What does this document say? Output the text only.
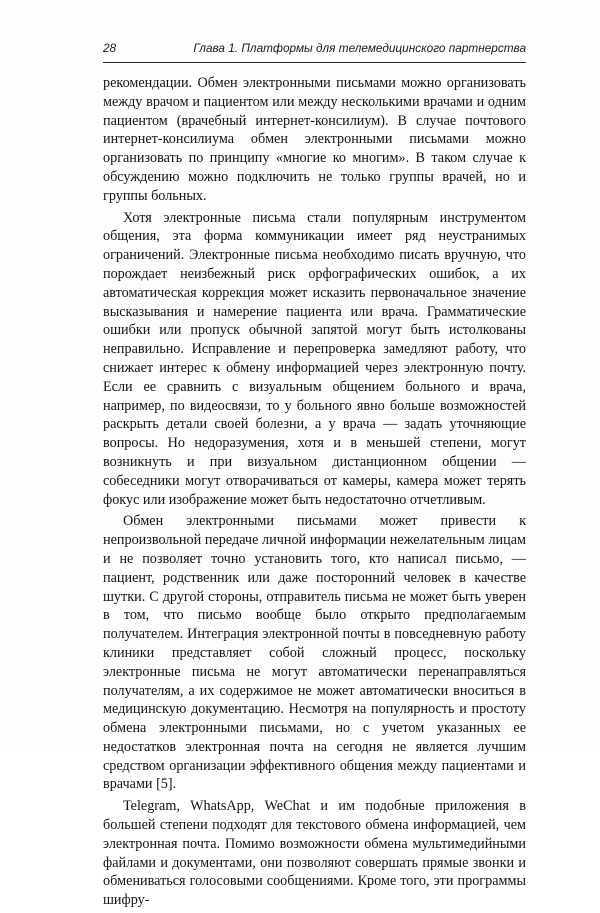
28	Глава 1. Платформы для телемедицинского партнерства

рекомендации. Обмен электронными письмами можно организовать между врачом и пациентом или между несколькими врачами и одним пациентом (врачебный интернет-консилиум). В случае почтового интернет-консилиума обмен электронными письмами можно организовать по принципу «многие ко многим». В таком случае к обсуждению можно подключить не только группы врачей, но и группы больных.

Хотя электронные письма стали популярным инструментом общения, эта форма коммуникации имеет ряд неустранимых ограничений. Электронные письма необходимо писать вручную, что порождает неизбежный риск орфографических ошибок, а их автоматическая коррекция может исказить первоначальное значение высказывания и намерение пациента или врача. Грамматические ошибки или пропуск обычной запятой могут быть истолкованы неправильно. Исправление и перепроверка замедляют работу, что снижает интерес к обмену информацией через электронную почту. Если ее сравнить с визуальным общением больного и врача, например, по видеосвязи, то у больного явно больше возможностей раскрыть детали своей болезни, а у врача — задать уточняющие вопросы. Но недоразумения, хотя и в меньшей степени, могут возникнуть и при визуальном дистанционном общении — собеседники могут отворачиваться от камеры, камера может терять фокус или изображение может быть недостаточно отчетливым.

Обмен электронными письмами может привести к непроизвольной передаче личной информации нежелательным лицам и не позволяет точно установить того, кто написал письмо, — пациент, родственник или даже посторонний человек в качестве шутки. С другой стороны, отправитель письма не может быть уверен в том, что письмо вообще было открыто предполагаемым получателем. Интеграция электронной почты в повседневную работу клиники представляет собой сложный процесс, поскольку электронные письма не могут автоматически перенаправляться получателям, а их содержимое не может автоматически вноситься в медицинскую документацию. Несмотря на популярность и простоту обмена электронными письмами, но с учетом указанных ее недостатков электронная почта на сегодня не является лучшим средством организации эффективного общения между пациентами и врачами [5].

Telegram, WhatsApp, WeChat и им подобные приложения в большей степени подходят для текстового обмена информацией, чем электронная почта. Помимо возможности обмена мультимедийными файлами и документами, они позволяют совершать прямые звонки и обмениваться голосовыми сообщениями. Кроме того, эти программы шифру-
